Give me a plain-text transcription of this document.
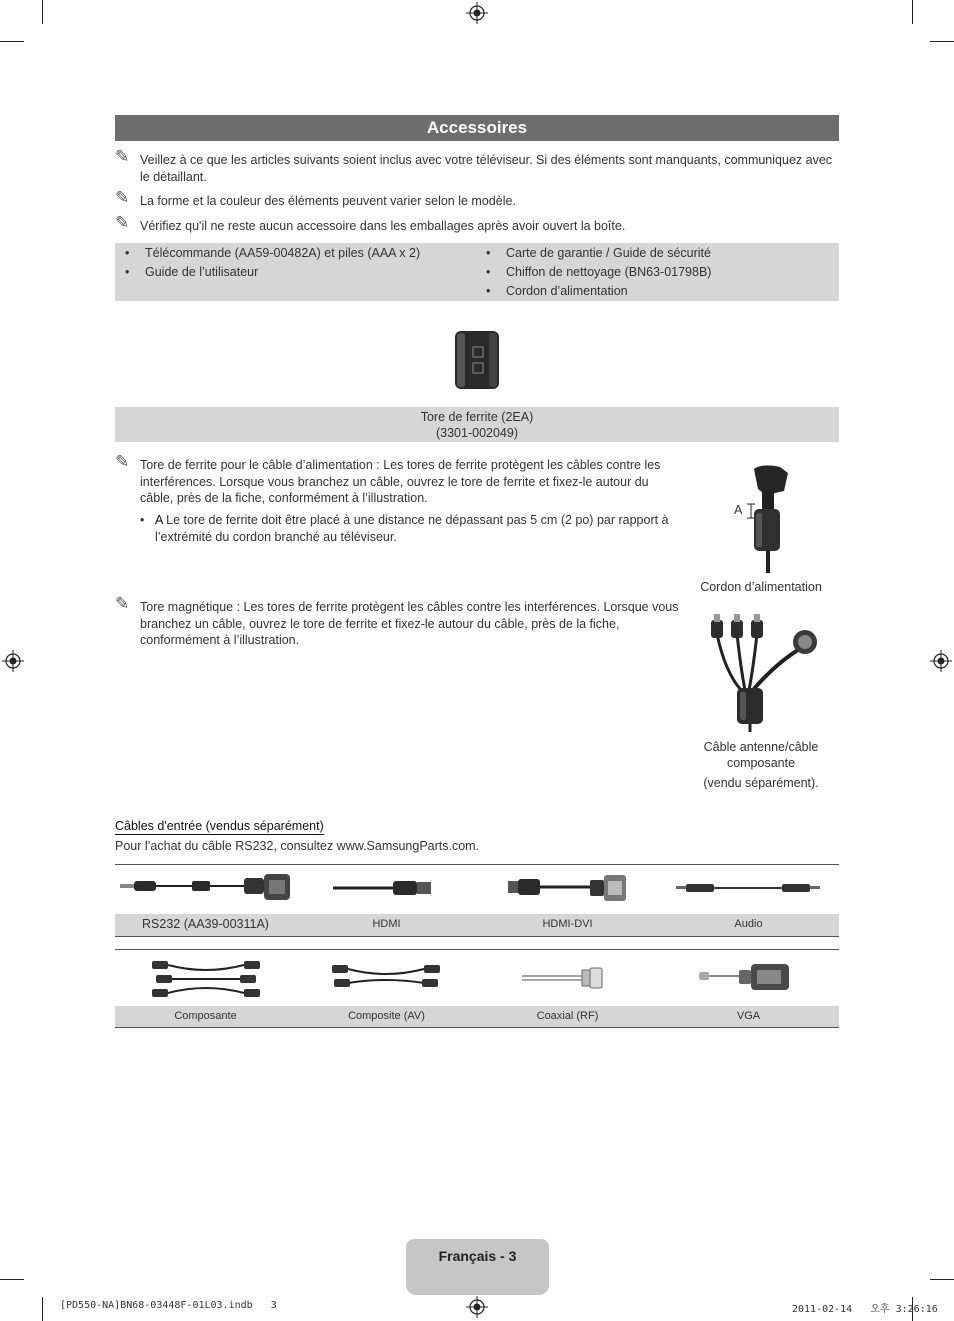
Accessoires
✎ Veillez à ce que les articles suivants soient inclus avec votre téléviseur. Si des éléments sont manquants, communiquez avec le détaillant.
✎ La forme et la couleur des éléments peuvent varier selon le modèle.
✎ Vérifiez qu'il ne reste aucun accessoire dans les emballages après avoir ouvert la boîte.
• Télécommande (AA59-00482A) et piles (AAA x 2)
• Guide de l’utilisateur
• Carte de garantie / Guide de sécurité
• Chiffon de nettoyage (BN63-01798B)
• Cordon d’alimentation
Tore de ferrite (2EA)
(3301-002049)
✎ Tore de ferrite pour le câble d’alimentation : Les tores de ferrite protègent les câbles contre les interférences. Lorsque vous branchez un câble, ouvrez le tore de ferrite et fixez-le autour du câble, près de la fiche, conformément à l’illustration.
• A Le tore de ferrite doit être placé à une distance ne dépassant pas 5 cm (2 po) par rapport à l’extrémité du cordon branché au téléviseur.
A
Cordon d’alimentation
✎ Tore magnétique : Les tores de ferrite protègent les câbles contre les interférences. Lorsque vous branchez un câble, ouvrez le tore de ferrite et fixez-le autour du câble, près de la fiche, conformément à l’illustration.
Câble antenne/câble
composante
(vendu séparément).
Câbles d'entrée (vendus séparément)
Pour l’achat du câble RS232, consultez www.SamsungParts.com.
RS232 (AA39-00311A)	HDMI	HDMI-DVI	Audio
Composante	Composite (AV)	Coaxial (RF)	VGA
Français - 3
[PD550-NA]BN68-03448F-01L03.indb   3	2011-02-14   오후 3:26:16
